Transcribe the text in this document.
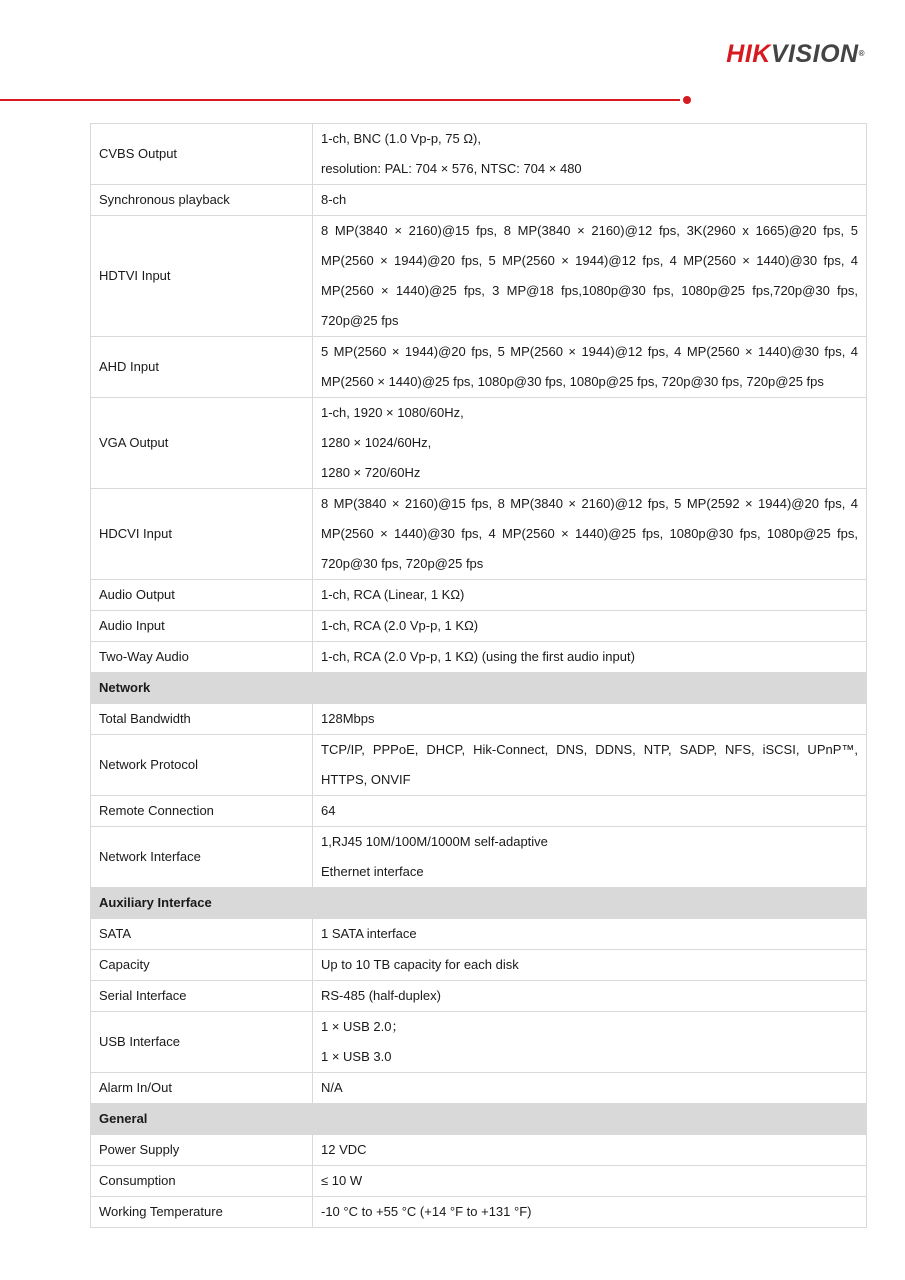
HIKVISION®
CVBS Output	1-ch, BNC (1.0 Vp-p, 75 Ω),
resolution: PAL: 704 × 576, NTSC: 704 × 480

Synchronous playback	8-ch

HDTVI Input	8 MP(3840 × 2160)@15 fps, 8 MP(3840 × 2160)@12 fps, 3K(2960 x 1665)@20 fps, 5 MP(2560 × 1944)@20 fps, 5 MP(2560 × 1944)@12 fps, 4 MP(2560 × 1440)@30 fps, 4 MP(2560 × 1440)@25 fps, 3 MP@18 fps,1080p@30 fps, 1080p@25 fps,720p@30 fps, 720p@25 fps

AHD Input	5 MP(2560 × 1944)@20 fps, 5 MP(2560 × 1944)@12 fps, 4 MP(2560 × 1440)@30 fps, 4 MP(2560 × 1440)@25 fps, 1080p@30 fps, 1080p@25 fps, 720p@30 fps, 720p@25 fps

VGA Output	1-ch, 1920 × 1080/60Hz,
1280 × 1024/60Hz,
1280 × 720/60Hz

HDCVI Input	8 MP(3840 × 2160)@15 fps, 8 MP(3840 × 2160)@12 fps, 5 MP(2592 × 1944)@20 fps, 4 MP(2560 × 1440)@30 fps, 4 MP(2560 × 1440)@25 fps, 1080p@30 fps, 1080p@25 fps, 720p@30 fps, 720p@25 fps

Audio Output	1-ch, RCA (Linear, 1 KΩ)

Audio Input	1-ch, RCA (2.0 Vp-p, 1 KΩ)

Two-Way Audio	1-ch, RCA (2.0 Vp-p, 1 KΩ) (using the first audio input)

Network	
Total Bandwidth	128Mbps

Network Protocol	TCP/IP, PPPoE, DHCP, Hik-Connect, DNS, DDNS, NTP, SADP, NFS, iSCSI, UPnP™, HTTPS, ONVIF

Remote Connection	64

Network Interface	1,RJ45 10M/100M/1000M self-adaptive
Ethernet interface

Auxiliary Interface	
SATA	1 SATA interface

Capacity	Up to 10 TB capacity for each disk

Serial Interface	RS-485 (half-duplex)

USB Interface	1 × USB 2.0；
1 × USB 3.0

Alarm In/Out	N/A

General	
Power Supply	12 VDC

Consumption	≤ 10 W

Working Temperature	-10 °C to +55 °C (+14 °F to +131 °F)
